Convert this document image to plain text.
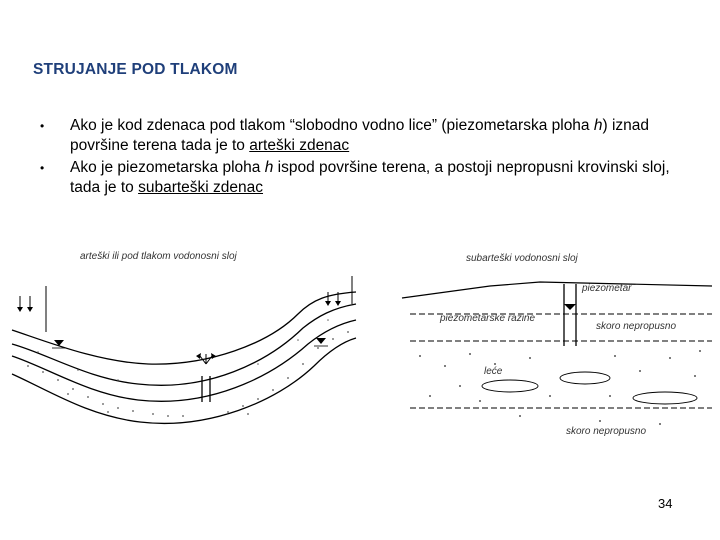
STRUJANJE POD TLAKOM
•	Ako je kod zdenaca pod tlakom “slobodno vodno lice” (piezometarska ploha h) iznad površine terena tada je to arteški zdenac
•	Ako je piezometarska ploha h ispod površine terena, a postoji nepropusni krovinski sloj, tada je to subarteški zdenac
arteški ili pod tlakom vodonosni sloj	subarteški vodonosni sloj
piezometar
piezometarske razine
skoro nepropusno
leće
skoro nepropusno
34
